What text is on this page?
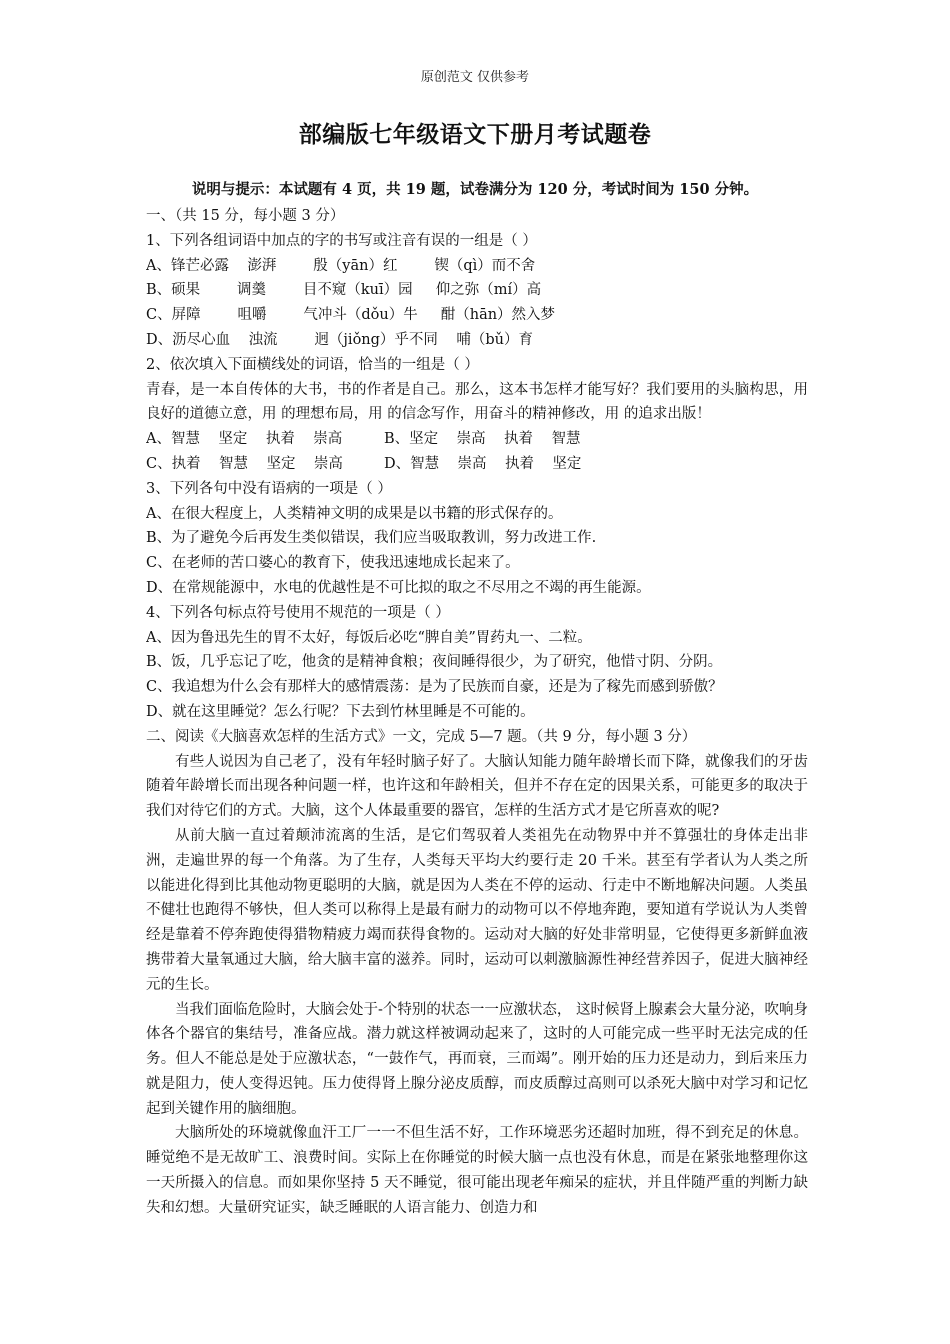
原创范文 仅供参考
部编版七年级语文下册月考试题卷
说明与提示：本试题有 4 页，共 19 题，试卷满分为 120 分，考试时间为 150 分钟。
一、（共 15 分，每小题 3 分）
1、下列各组词语中加点的字的书写或注音有误的一组是（ ）
A、锋芒必露    澎湃        殷（yān）红        锲（qì）而不舍
B、硕果        调羹        目不窥（kuī）园     仰之弥（mí）高
C、屏障        咀嚼        气冲斗（dǒu）牛     酣（hān）然入梦
D、沥尽心血    浊流        迥（jiǒng）乎不同    哺（bǔ）育
2、依次填入下面横线处的词语，恰当的一组是（ ）

青春，是一本自传体的大书，书的作者是自己。那么，这本书怎样才能写好？我们要用的头脑构思，用良好的道德立意，用 的理想布局，用 的信念写作，用奋斗的精神修改，用 的追求出版！

A、智慧    坚定    执着    崇高	B、坚定    崇高    执着    智慧
C、执着    智慧    坚定    崇高	D、智慧    崇高    执着    坚定
3、下列各句中没有语病的一项是（ ）
A、在很大程度上，人类精神文明的成果是以书籍的形式保存的。
B、为了避免今后再发生类似错误，我们应当吸取教训，努力改进工作.
C、在老师的苦口婆心的教育下，使我迅速地成长起来了。
D、在常规能源中，水电的优越性是不可比拟的取之不尽用之不竭的再生能源。
4、下列各句标点符号使用不规范的一项是（ ）
A、因为鲁迅先生的胃不太好，每饭后必吃“脾自美”胃药丸一、二粒。
B、饭，几乎忘记了吃，他贪的是精神食粮；夜间睡得很少，为了研究，他惜寸阴、分阴。
C、我追想为什么会有那样大的感情震荡：是为了民族而自豪，还是为了稼先而感到骄傲？
D、就在这里睡觉？怎么行呢？下去到竹林里睡是不可能的。
二、阅读《大脑喜欢怎样的生活方式》一文，完成 5—7 题。（共 9 分，每小题 3 分）

有些人说因为自己老了，没有年轻时脑子好了。大脑认知能力随年龄增长而下降，就像我们的牙齿随着年龄增长而出现各种问题一样，也许这和年龄相关，但并不存在定的因果关系，可能更多的取决于我们对待它们的方式。大脑，这个人体最重要的器官，怎样的生活方式才是它所喜欢的呢?

从前大脑一直过着颠沛流离的生活，是它们驾驭着人类祖先在动物界中并不算强壮的身体走出非洲，走遍世界的每一个角落。为了生存，人类每天平均大约要行走 20 千米。甚至有学者认为人类之所以能进化得到比其他动物更聪明的大脑，就是因为人类在不停的运动、行走中不断地解决问题。人类虽不健壮也跑得不够快，但人类可以称得上是最有耐力的动物可以不停地奔跑，要知道有学说认为人类曾经是靠着不停奔跑使得猎物精疲力竭而获得食物的。运动对大脑的好处非常明显，它使得更多新鲜血液携带着大量氧通过大脑，给大脑丰富的滋养。同时，运动可以刺激脑源性神经营养因子，促进大脑神经元的生长。

当我们面临危险时，大脑会处于-个特别的状态一一应激状态， 这时候肾上腺素会大量分泌，吹响身体各个器官的集结号，准备应战。潜力就这样被调动起来了，这时的人可能完成一些平时无法完成的任务。但人不能总是处于应激状态，“一鼓作气，再而衰，三而竭”。刚开始的压力还是动力，到后来压力就是阻力，使人变得迟钝。压力使得肾上腺分泌皮质醇，而皮质醇过高则可以杀死大脑中对学习和记忆起到关键作用的脑细胞。

大脑所处的环境就像血汗工厂一一不但生活不好，工作环境恶劣还超时加班，得不到充足的休息。睡觉绝不是无故旷工、浪费时间。实际上在你睡觉的时候大脑一点也没有休息，而是在紧张地整理你这一天所摄入的信息。而如果你坚持 5 天不睡觉，很可能出现老年痴呆的症状，并且伴随严重的判断力缺失和幻想。大量研究证实，缺乏睡眠的人语言能力、创造力和
